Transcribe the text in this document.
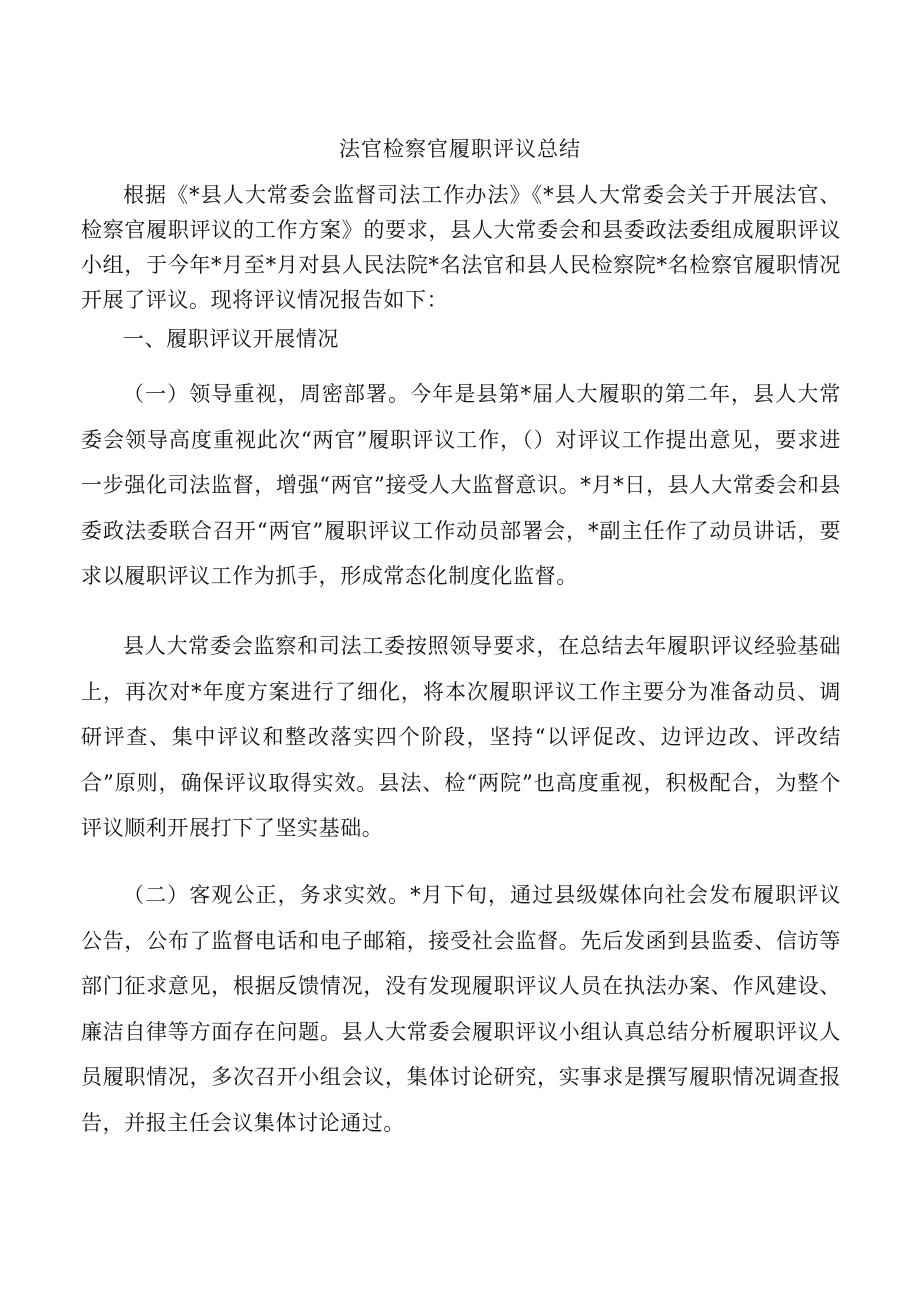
法官检察官履职评议总结

根据《*县人大常委会监督司法工作办法》《*县人大常委会关于开展法官、检察官履职评议的工作方案》的要求，县人大常委会和县委政法委组成履职评议小组，于今年*月至*月对县人民法院*名法官和县人民检察院*名检察官履职情况开展了评议。现将评议情况报告如下：

一、履职评议开展情况

（一）领导重视，周密部署。今年是县第*届人大履职的第二年，县人大常委会领导高度重视此次“两官”履职评议工作，（）对评议工作提出意见，要求进一步强化司法监督，增强“两官”接受人大监督意识。*月*日，县人大常委会和县委政法委联合召开“两官”履职评议工作动员部署会，*副主任作了动员讲话，要求以履职评议工作为抓手，形成常态化制度化监督。

县人大常委会监察和司法工委按照领导要求，在总结去年履职评议经验基础上，再次对*年度方案进行了细化，将本次履职评议工作主要分为准备动员、调研评查、集中评议和整改落实四个阶段，坚持“以评促改、边评边改、评改结合”原则，确保评议取得实效。县法、检“两院”也高度重视，积极配合，为整个评议顺利开展打下了坚实基础。

（二）客观公正，务求实效。*月下旬，通过县级媒体向社会发布履职评议公告，公布了监督电话和电子邮箱，接受社会监督。先后发函到县监委、信访等部门征求意见，根据反馈情况，没有发现履职评议人员在执法办案、作风建设、廉洁自律等方面存在问题。县人大常委会履职评议小组认真总结分析履职评议人员履职情况，多次召开小组会议，集体讨论研究，实事求是撰写履职情况调查报告，并报主任会议集体讨论通过。
